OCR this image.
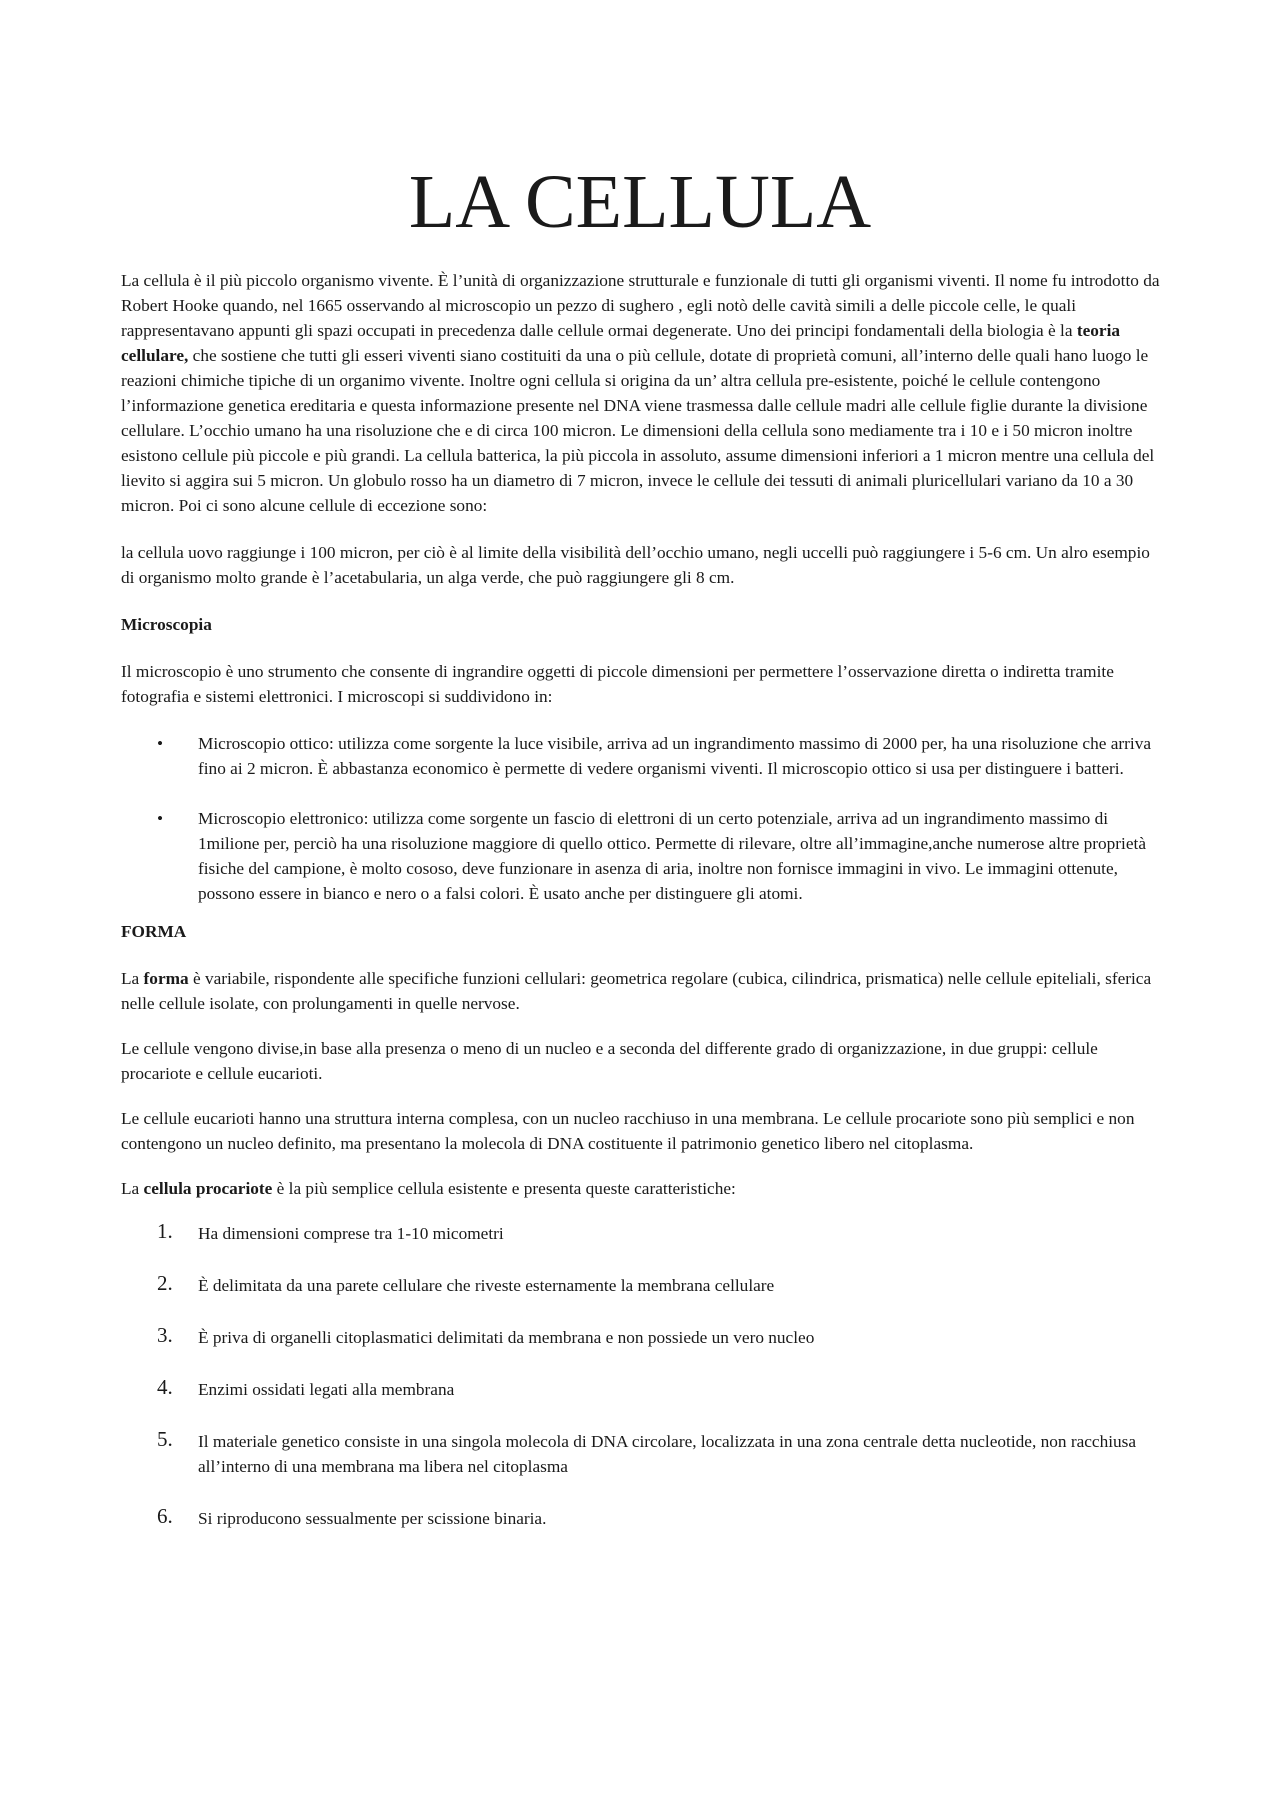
LA CELLULA

La cellula è il più piccolo organismo vivente. È l’unità di organizzazione strutturale e funzionale di tutti gli organismi viventi. Il nome fu introdotto da Robert Hooke quando, nel 1665 osservando al microscopio un pezzo di sughero , egli notò delle cavità simili a delle piccole celle, le quali rappresentavano appunti gli spazi occupati in precedenza dalle cellule ormai degenerate. Uno dei principi fondamentali della biologia è la teoria cellulare, che sostiene che tutti gli esseri viventi siano costituiti da una o più cellule, dotate di proprietà comuni, all’interno delle quali hano luogo le reazioni chimiche tipiche di un organimo vivente. Inoltre ogni cellula si origina da un’ altra cellula pre-esistente, poiché le cellule contengono l’informazione genetica ereditaria e questa informazione presente nel DNA viene trasmessa dalle cellule madri alle cellule figlie durante la divisione cellulare. L’occhio umano ha una risoluzione che e di circa 100 micron. Le dimensioni della cellula sono mediamente tra i 10 e i 50 micron inoltre esistono cellule più piccole e più grandi. La cellula batterica, la più piccola in assoluto, assume dimensioni inferiori a 1 micron mentre una cellula del lievito si aggira sui 5 micron. Un globulo rosso ha un diametro di 7 micron, invece le cellule dei tessuti di animali pluricellulari variano da 10 a 30 micron. Poi ci sono alcune cellule di eccezione sono:

la cellula uovo raggiunge i 100 micron, per ciò è al limite della visibilità dell’occhio umano, negli uccelli può raggiungere i 5-6 cm. Un alro esempio di organismo molto grande è l’acetabularia, un alga verde, che può raggiungere gli 8 cm.

Microscopia

Il microscopio è uno strumento che consente di ingrandire oggetti di piccole dimensioni per permettere l’osservazione diretta o indiretta tramite fotografia e sistemi elettronici. I microscopi si suddividono in:

• Microscopio ottico: utilizza come sorgente la luce visibile, arriva ad un ingrandimento massimo di 2000 per, ha una risoluzione che arriva fino ai 2 micron. È abbastanza economico è permette di vedere organismi viventi. Il microscopio ottico si usa per distinguere i batteri.
• Microscopio elettronico: utilizza come sorgente un fascio di elettroni di un certo potenziale, arriva ad un ingrandimento massimo di 1milione per, perciò ha una risoluzione maggiore di quello ottico. Permette di rilevare, oltre all’immagine,anche numerose altre proprietà fisiche del campione, è molto cososo, deve funzionare in asenza di aria, inoltre non fornisce immagini in vivo. Le immagini ottenute, possono essere in bianco e nero o a falsi colori. È usato anche per distinguere gli atomi.

FORMA

La forma è variabile, rispondente alle specifiche funzioni cellulari: geometrica regolare (cubica, cilindrica, prismatica) nelle cellule epiteliali, sferica nelle cellule isolate, con prolungamenti in quelle nervose.

Le cellule vengono divise,in base alla presenza o meno di un nucleo e a seconda del differente grado di organizzazione, in due gruppi: cellule procariote e cellule eucarioti.

Le cellule eucarioti hanno una struttura interna complesa, con un nucleo racchiuso in una membrana. Le cellule procariote sono più semplici e non contengono un nucleo definito, ma presentano la molecola di DNA costituente il patrimonio genetico libero nel citoplasma.

La cellula procariote è la più semplice cellula esistente e presenta queste caratteristiche:

1. Ha dimensioni comprese tra 1-10 micometri
2. È delimitata da una parete cellulare che riveste esternamente la membrana cellulare
3. È priva di organelli citoplasmatici delimitati da membrana e non possiede un vero nucleo
4. Enzimi ossidati legati alla membrana
5. Il materiale genetico consiste in una singola molecola di DNA circolare, localizzata in una zona centrale detta nucleotide, non racchiusa all’interno di una membrana ma libera nel citoplasma
6. Si riproducono sessualmente per scissione binaria.
